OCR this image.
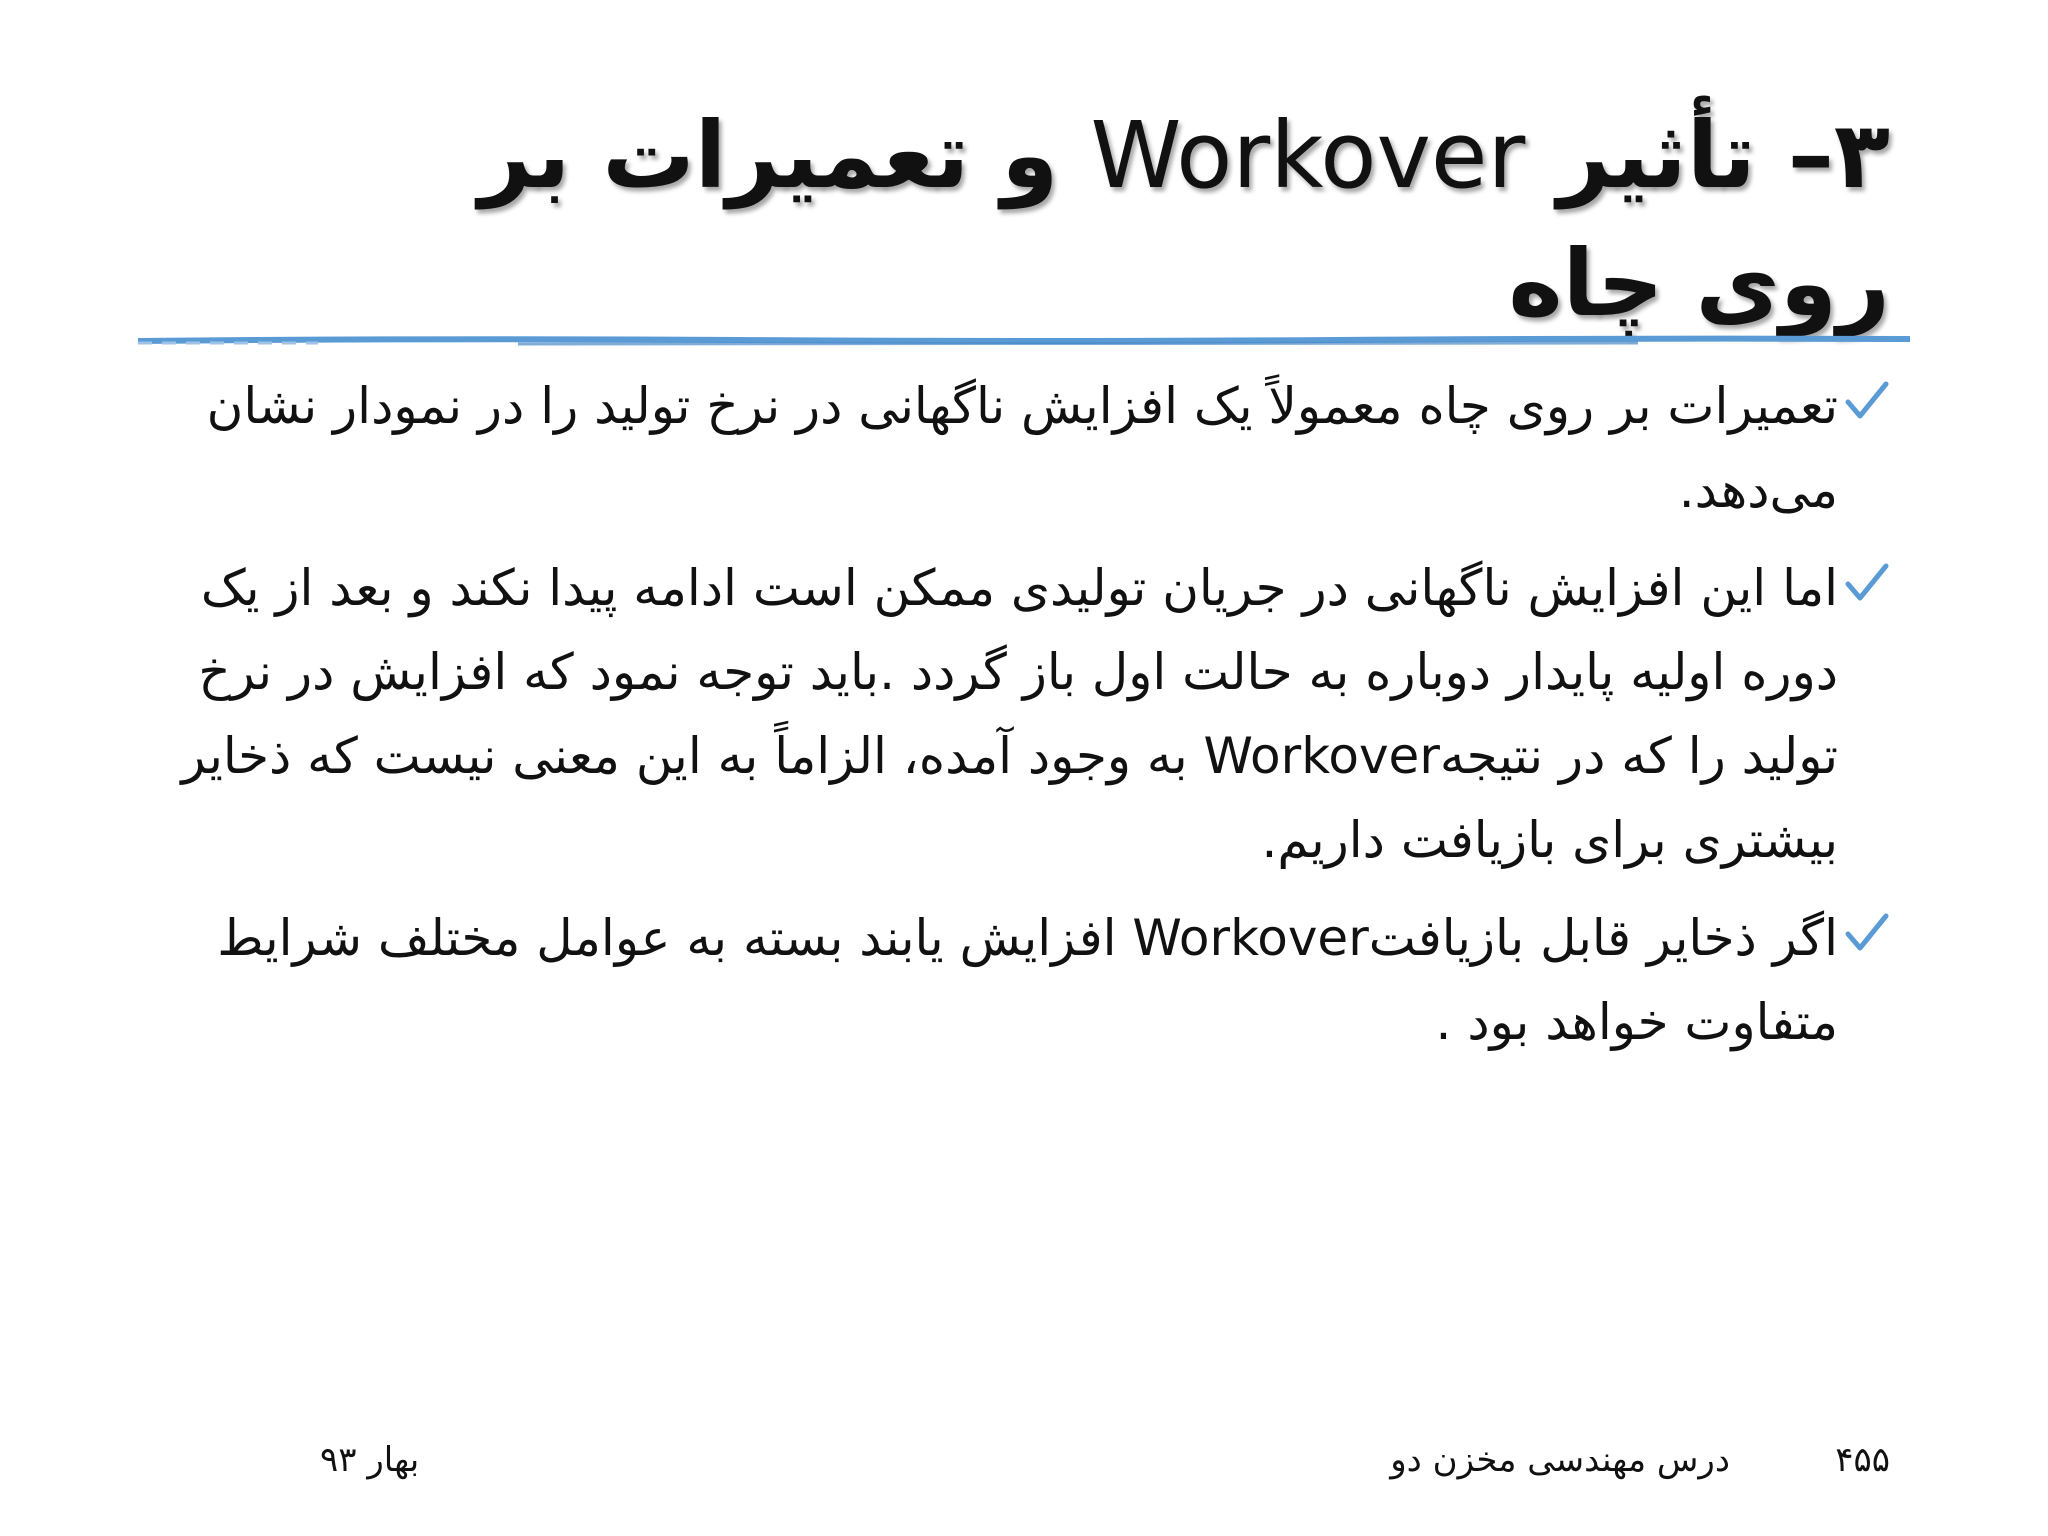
۳– تأثیر Workover و تعمیرات بر روی چاه
تعمیرات بر روی چاه معمولاً یک افزایش ناگهانی در نرخ تولید را در نمودار نشان می‌دهد.
اما این افزایش ناگهانی در جریان تولیدی ممکن است ادامه پیدا نکند و بعد از یک دوره اولیه پایدار دوباره به حالت اول باز گردد .باید توجه نمود که افزایش در نرخ تولید را که در نتیجهWorkover به وجود آمده، الزاماً به این معنی نیست که ذخایر بیشتری برای بازیافت داریم.
اگر ذخایر قابل بازیافتWorkover افزایش یابند بسته به عوامل مختلف شرایط متفاوت خواهد بود .
۴۵۵
درس مهندسی مخزن دو
بهار ۹۳
